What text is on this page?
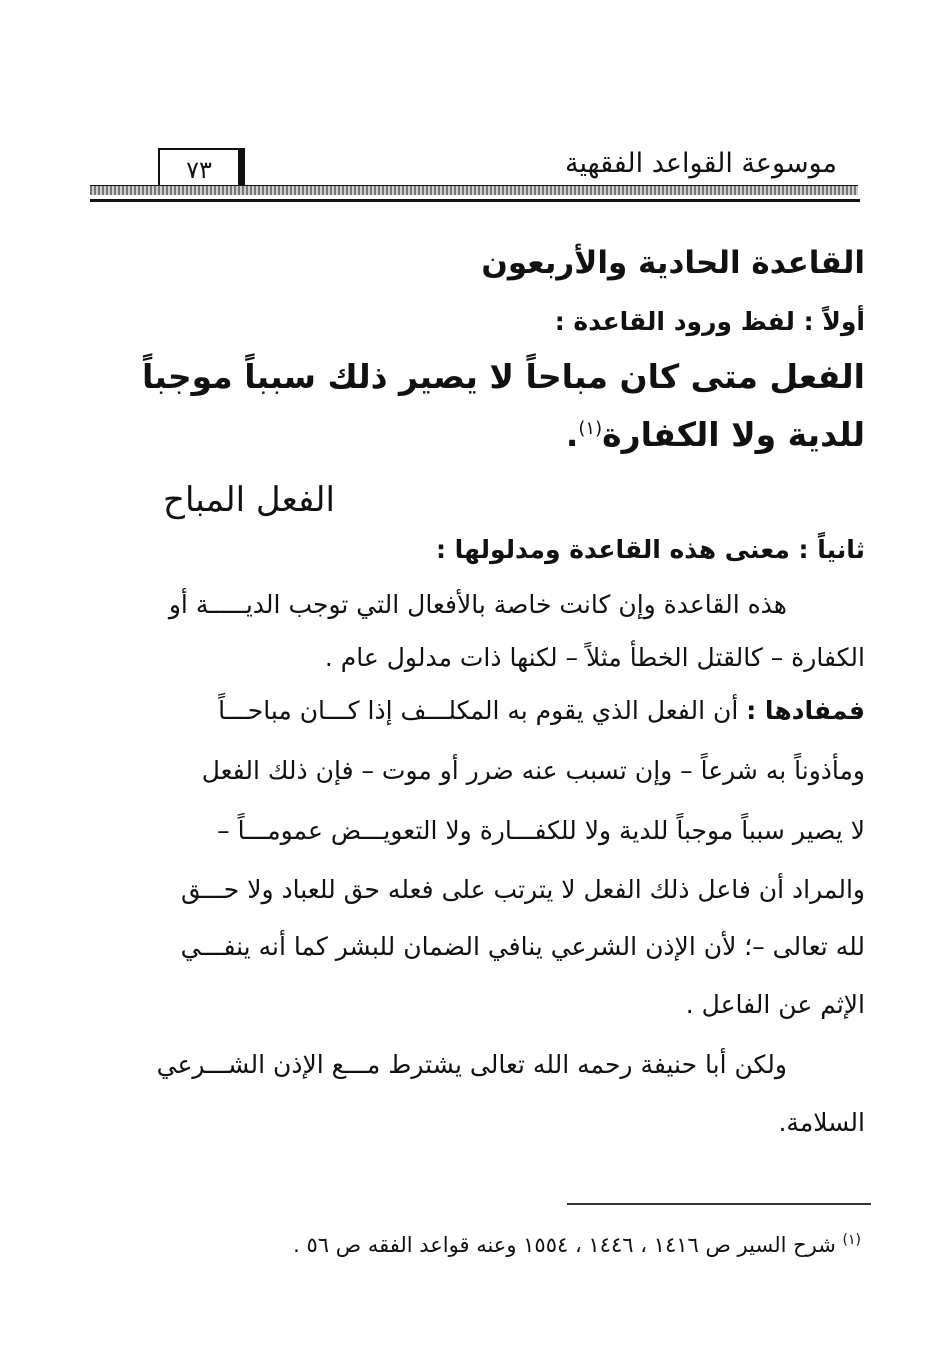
موسوعة القواعد الفقهية
٧٣
القاعدة الحادية والأربعون
أولاً : لفظ ورود القاعدة :
الفعل متى كان مباحاً لا يصير ذلك سبباً موجباً
للدية ولا الكفارة$^{(١)}$.
الفعل المباح
ثانياً : معنى هذه القاعدة ومدلولها :
هذه القاعدة وإن كانت خاصة بالأفعال التي توجب الديـــــة أو
الكفارة – كالقتل الخطأ مثلاً – لكنها ذات مدلول عام .
فمفادها : أن الفعل الذي يقوم به المكلـــف إذا كـــان مباحـــاً
ومأذوناً به شرعاً – وإن تسبب عنه ضرر أو موت – فإن ذلك الفعل
لا يصير سبباً موجباً للدية ولا للكفـــارة ولا التعويـــض عمومـــاً –
والمراد أن فاعل ذلك الفعل لا يترتب على فعله حق للعباد ولا حـــق
لله تعالى –؛ لأن الإذن الشرعي ينافي الضمان للبشر كما أنه ينفـــي
الإثم عن الفاعل .
ولكن أبا حنيفة رحمه الله تعالى يشترط مـــع الإذن الشـــرعي
السلامة.
$^{(١)}$ شرح السير ص ١٤١٦ ، ١٤٤٦ ، ١٥٥٤ وعنه قواعد الفقه ص ٥٦ .
